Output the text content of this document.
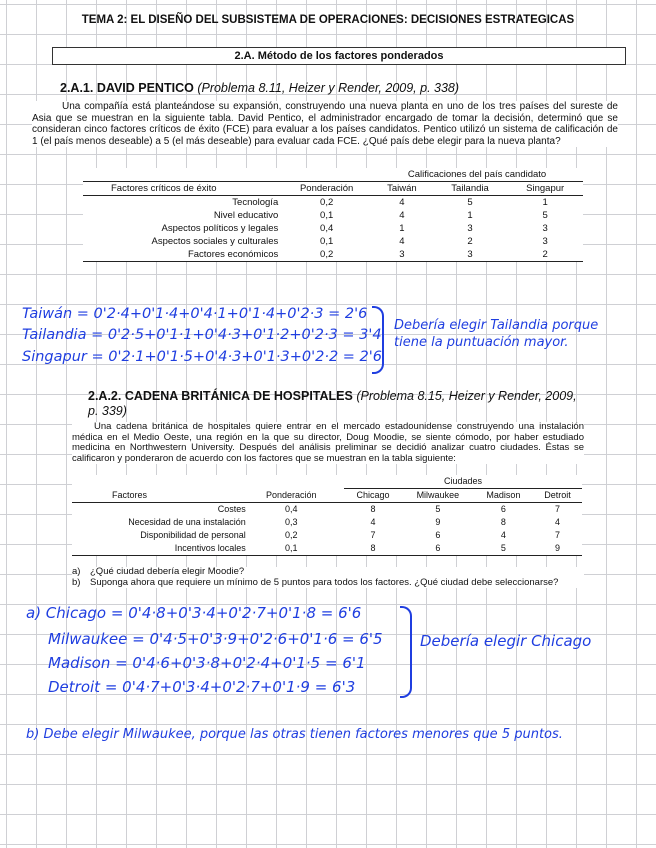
TEMA 2: EL DISEÑO DEL SUBSISTEMA DE OPERACIONES: DECISIONES ESTRATEGICAS
2.A. Método de los factores ponderados
2.A.1. DAVID PENTICO (Problema 8.11, Heizer y Render, 2009, p. 338)
Una compañía está planteándose su expansión, construyendo una nueva planta en uno de los tres países del sureste de Asia que se muestran en la siguiente tabla. David Pentico, el administrador encargado de tomar la decisión, determinó que se consideran cinco factores críticos de éxito (FCE) para evaluar a los países candidatos. Pentico utilizó un sistema de calificación de 1 (el país menos deseable) a 5 (el más deseable) para evaluar cada FCE. ¿Qué país debe elegir para la nueva planta?
		Calificaciones del país candidato		
Factores críticos de éxito	Ponderación	Taiwán	Tailandia	Singapur
Tecnología	0,2	4	5	1
Nivel educativo	0,1	4	1	5
Aspectos políticos y legales	0,4	1	3	3
Aspectos sociales y culturales	0,1	4	2	3
Factores económicos	0,2	3	3	2
Taiwán = 0'2·4+0'1·4+0'4·1+0'1·4+0'2·3 = 2'6
Tailandia = 0'2·5+0'1·1+0'4·3+0'1·2+0'2·3 = 3'4
Singapur = 0'2·1+0'1·5+0'4·3+0'1·3+0'2·2 = 2'6
Debería elegir Tailandia porque
tiene la puntuación mayor.
2.A.2. CADENA BRITÁNICA DE HOSPITALES (Problema 8.15, Heizer y Render, 2009, p. 339)
Una cadena británica de hospitales quiere entrar en el mercado estadounidense construyendo una instalación médica en el Medio Oeste, una región en la que su director, Doug Moodie, se siente cómodo, por haber estudiado medicina en Northwestern University. Después del análisis preliminar se decidió analizar cuatro ciudades. Éstas se calificaron y ponderaron de acuerdo con los factores que se muestran en la tabla siguiente:
			Ciudades			
Factores	Ponderación		Chicago	Milwaukee	Madison	Detroit
Costes	0,4		8	5	6	7
Necesidad de una instalación	0,3		4	9	8	4
Disponibilidad de personal	0,2		7	6	4	7
Incentivos locales	0,1		8	6	5	9
a)	¿Qué ciudad debería elegir Moodie?
b)	Suponga ahora que requiere un mínimo de 5 puntos para todos los factores. ¿Qué ciudad debe seleccionarse?
a) Chicago = 0'4·8+0'3·4+0'2·7+0'1·8 = 6'6
Milwaukee = 0'4·5+0'3·9+0'2·6+0'1·6 = 6'5
Madison = 0'4·6+0'3·8+0'2·4+0'1·5 = 6'1
Detroit = 0'4·7+0'3·4+0'2·7+0'1·9 = 6'3
Debería elegir Chicago
b) Debe elegir Milwaukee, porque las otras tienen factores menores que 5 puntos.
